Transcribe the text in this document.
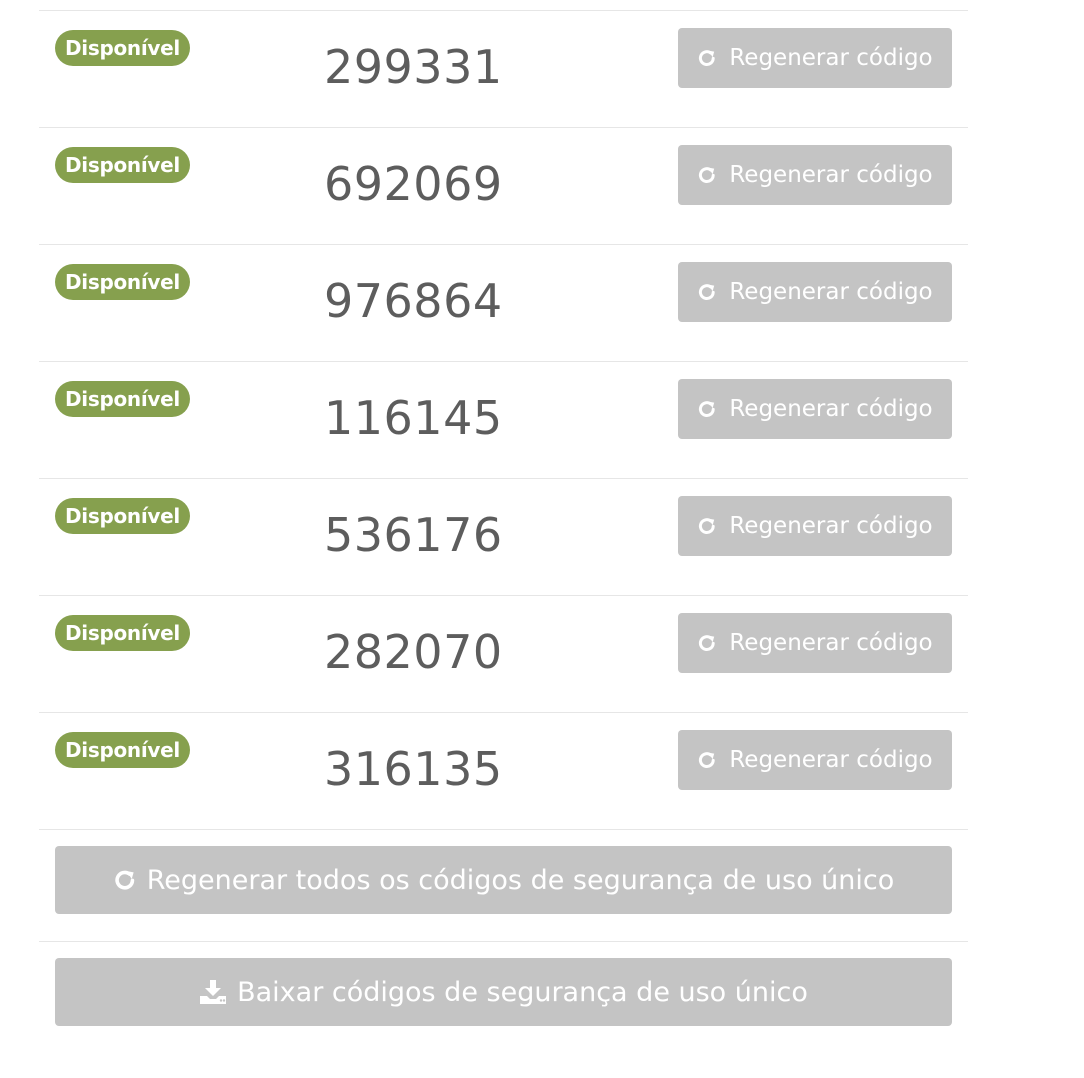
Disponível	299331	Regenerar código
Disponível	692069	Regenerar código
Disponível	976864	Regenerar código
Disponível	116145	Regenerar código
Disponível	536176	Regenerar código
Disponível	282070	Regenerar código
Disponível	316135	Regenerar código
Regenerar todos os códigos de segurança de uso único
Baixar códigos de segurança de uso único
